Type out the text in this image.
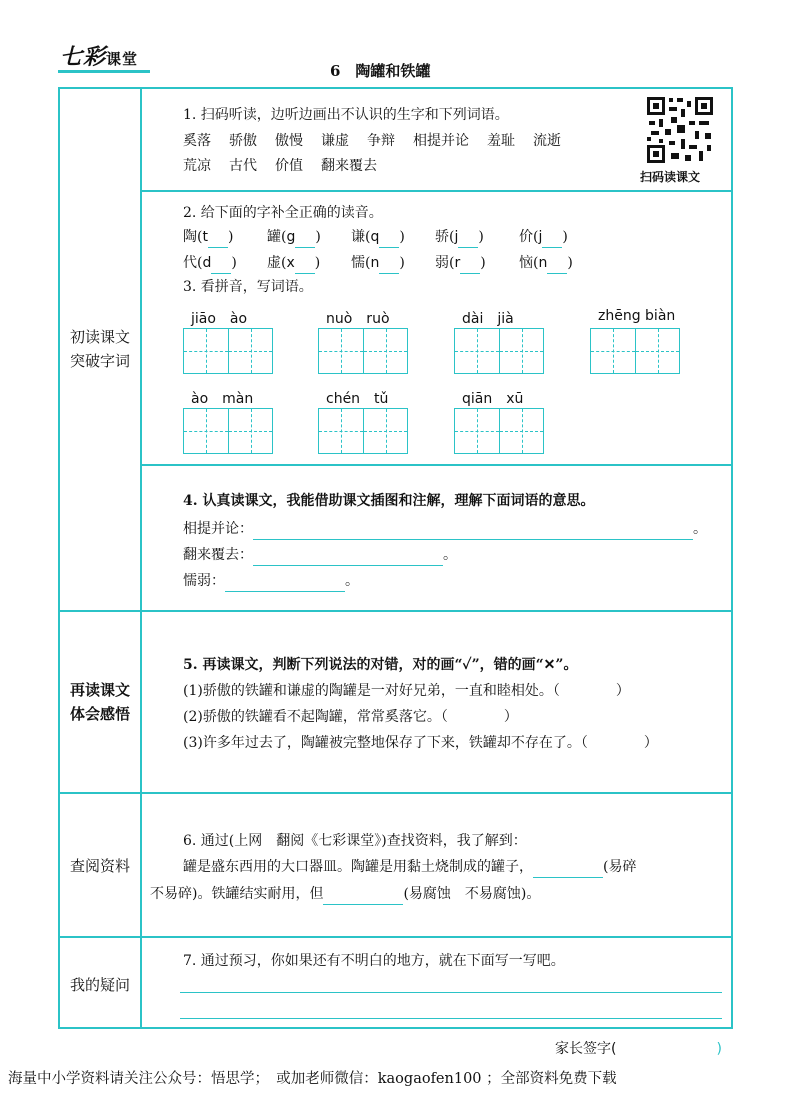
七彩课堂
6　陶罐和铁罐
初读课文
突破字词
再读课文
体会感悟
查阅资料
我的疑问
1. 扫码听读，边听边画出不认识的生字和下列词语。
奚落 骄傲 傲慢 谦虚 争辩 相提并论 羞耻 流逝
荒凉 古代 价值 翻来覆去
扫码读课文
2. 给下面的字补全正确的读音。
陶(t ) 罐(g ) 谦(q ) 骄(j )	价(j )
代(d ) 虚(x ) 懦(n ) 弱(r ) 恼(n )
3. 看拼音，写词语。
jiāo　ào	nuò　ruò	dài　jià	zhēng biàn
ào　màn	chén　tǔ	qiān　xū
4. 认真读课文，我能借助课文插图和注解，理解下面词语的意思。
相提并论：	。
翻来覆去：	。
懦弱：	。
5. 再读课文，判断下列说法的对错，对的画“✓”，错的画“✕”。
(1)骄傲的铁罐和谦虚的陶罐是一对好兄弟，一直和睦相处。（　　　　）
(2)骄傲的铁罐看不起陶罐，常常奚落它。（　　　　）
(3)许多年过去了，陶罐被完整地保存了下来，铁罐却不存在了。（　　　　）
6. 通过(上网　翻阅《七彩课堂》)查找资料，我了解到：
罐是盛东西用的大口器皿。陶罐是用黏土烧制成的罐子，	(易碎
不易碎)。铁罐结实耐用，但	(易腐蚀　不易腐蚀)。
7. 通过预习，你如果还有不明白的地方，就在下面写一写吧。
家长签字(	)
海量中小学资料请关注公众号：悟思学；　或加老师微信：kaogaofen100 ；全部资料免费下载
